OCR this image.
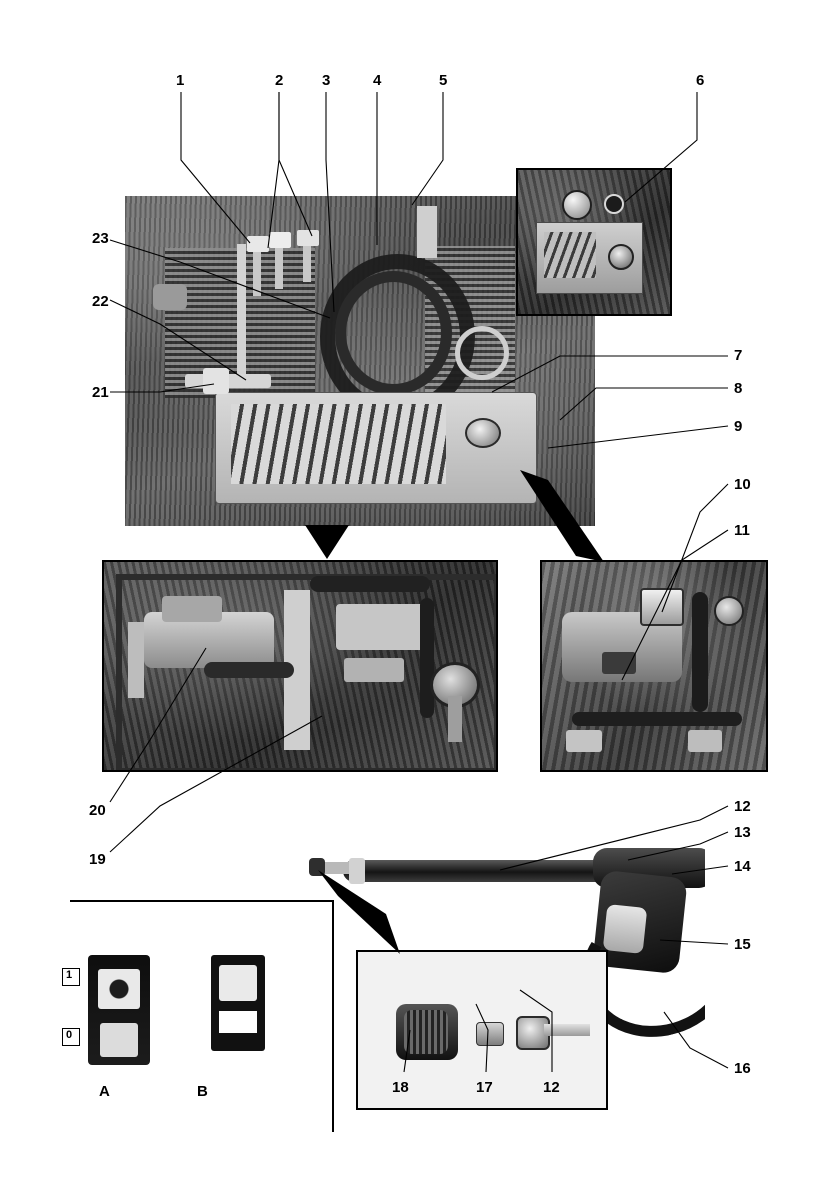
1	2	3	4	5	6
7
8
9
10
11
12
13
14
15
16
17
18	12
19
20
21
22
23
A	B
1
0
